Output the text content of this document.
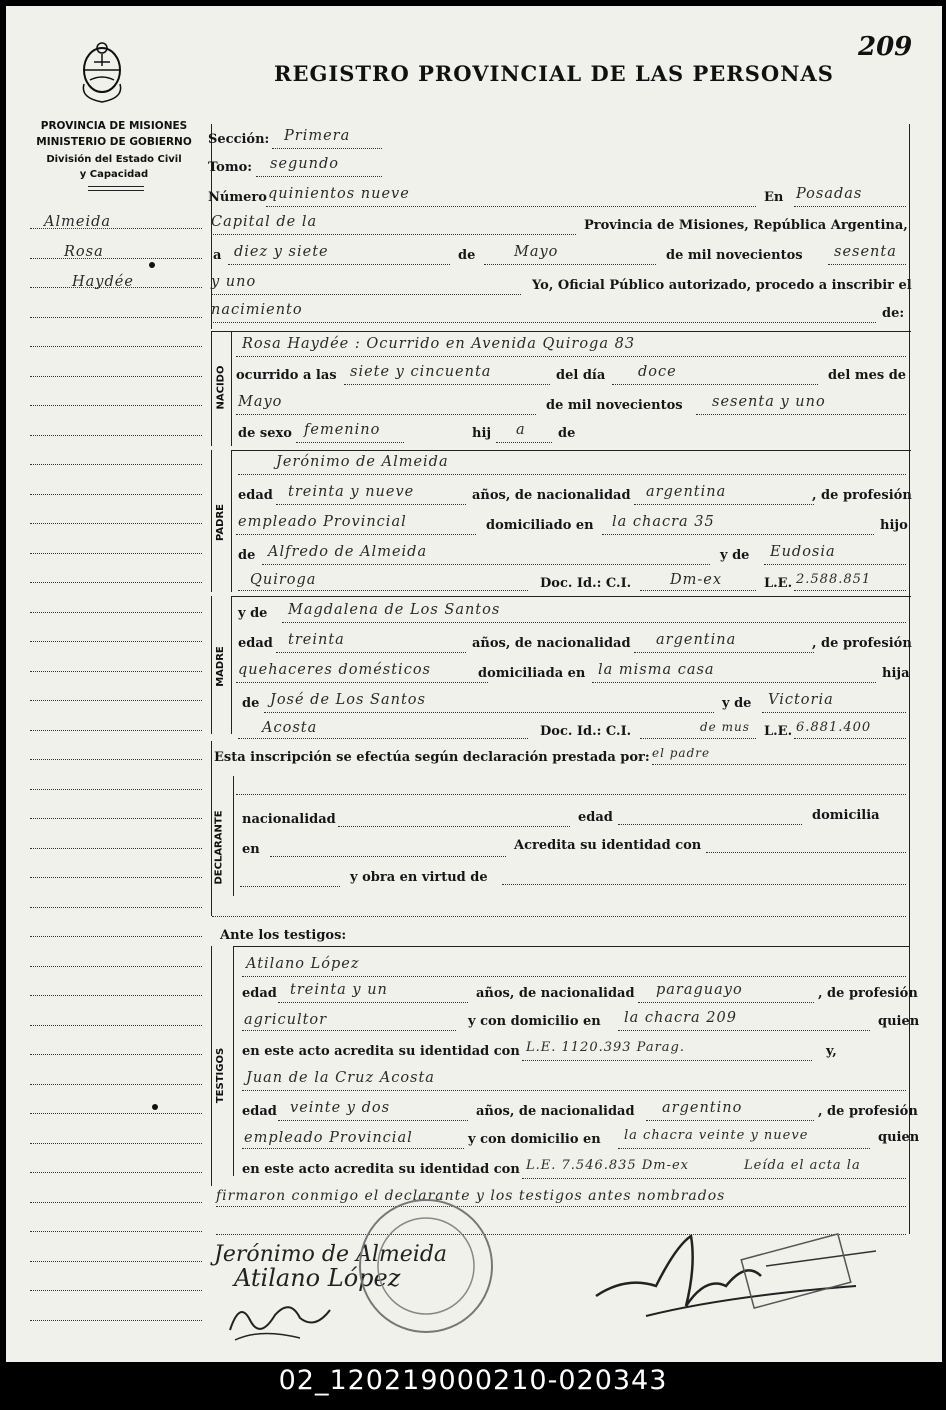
209
REGISTRO PROVINCIAL DE LAS PERSONAS
PROVINCIA DE MISIONES
MINISTERIO DE GOBIERNO
División del Estado Civil
y Capacidad
Almeida
Rosa
Haydée
NACIDO
PADRE
MADRE
DECLARANTE
TESTIGOS
Sección: Primera
Tomo: segundo
Número quinientos nueve	En Posadas
Capital de la	Provincia de Misiones, República Argentina,
a diez y siete	de	Mayo	de mil novecientos sesenta
y uno	Yo, Oficial Público autorizado, procedo a inscribir el
nacimiento	de:
Rosa Haydée : Ocurrido en Avenida Quiroga 83
ocurrido a las siete y cincuenta	del día doce	del mes de
Mayo	de mil novecientos sesenta y uno
de sexo femenino	hij a de
Jerónimo de Almeida
edad treinta y nueve	años, de nacionalidad argentina	, de profesión
empleado Provincial	domiciliado en la chacra 35	hijo
de Alfredo de Almeida	y de Eudosia
Quiroga	Doc. Id.: C.I.	Dm-ex	L.E. 2.588.851
y de Magdalena de Los Santos
edad treinta	años, de nacionalidad argentina	, de profesión
quehaceres domésticos	domiciliada en la misma casa	hija
de José de Los Santos	y de Victoria
Acosta	Doc. Id.: C.I.	de mus L.E. 6.881.400
Esta inscripción se efectúa según declaración prestada por: el padre
nacionalidad	edad	domicilia
en	Acredita su identidad con
y obra en virtud de
Ante los testigos:
Atilano López
edad treinta y un	años, de nacionalidad paraguayo	, de profesión
agricultor	y con domicilio en la chacra 209	quien
en este acto acredita su identidad con L.E. 1120.393 Parag.	y,
Juan de la Cruz Acosta
edad veinte y dos	años, de nacionalidad argentino	, de profesión
empleado Provincial	y con domicilio en la chacra veinte y nueve	quien
en este acto acredita su identidad con L.E. 7.546.835 Dm-ex	Leída el acta la
firmaron conmigo el declarante y los testigos antes nombrados
Jerónimo de Almeida
Atilano López
02_120219000210-020343
